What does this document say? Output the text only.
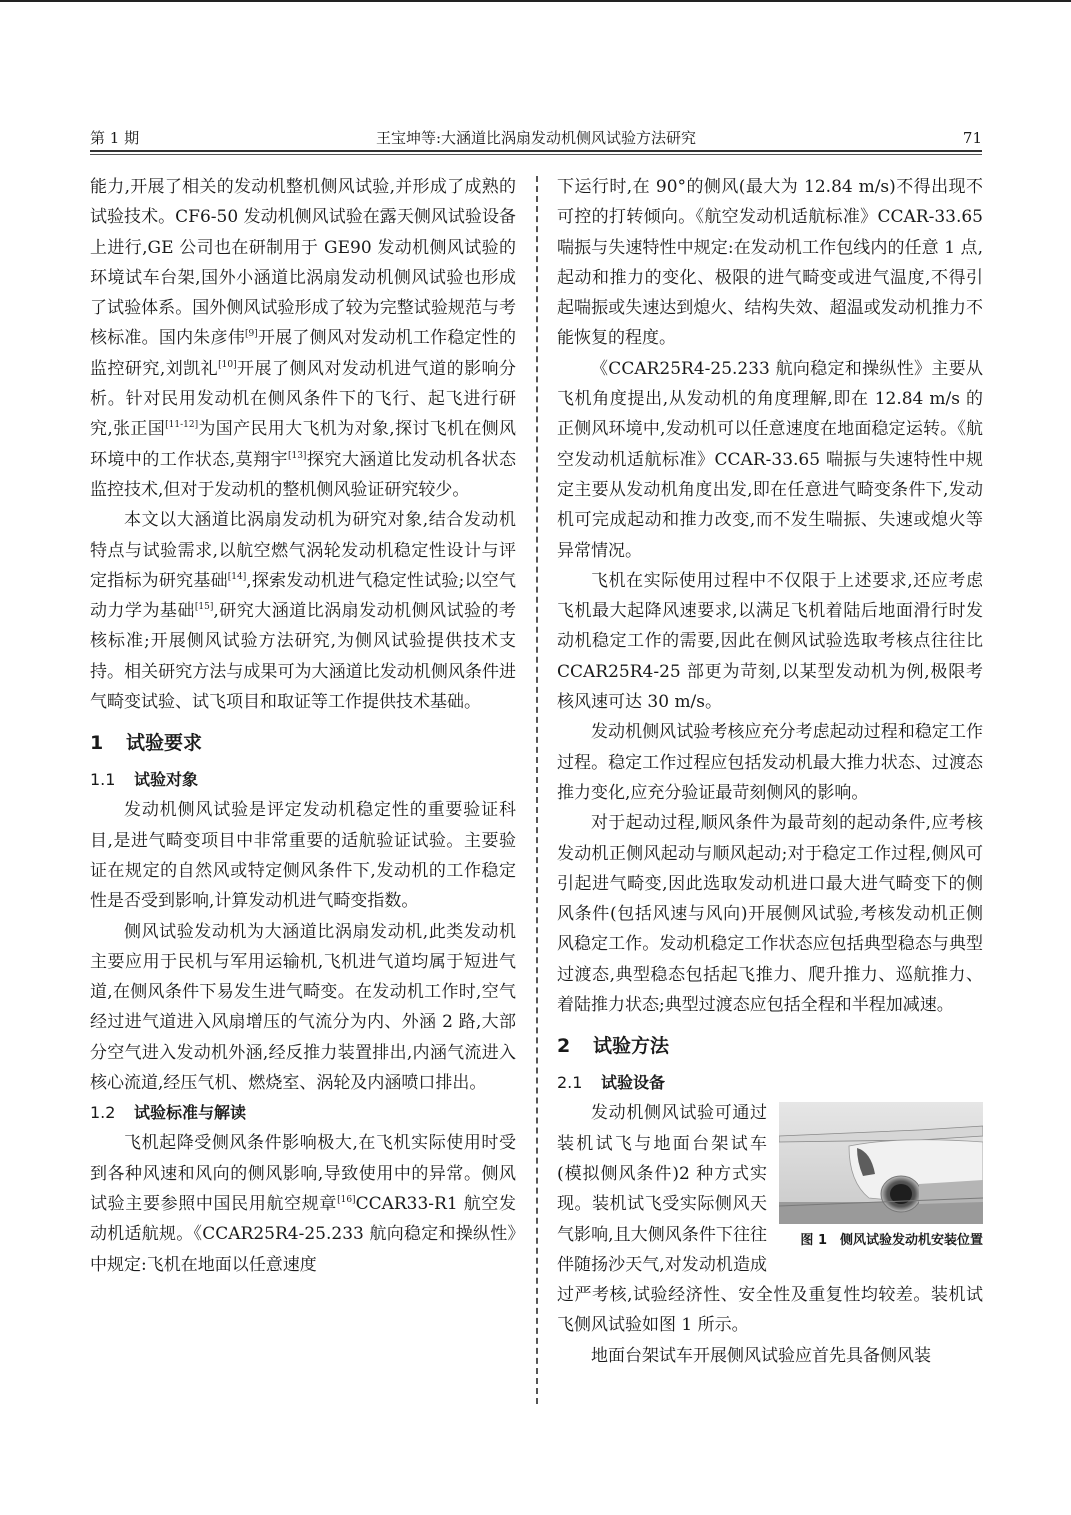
第 1 期	王宝坤等:大涵道比涡扇发动机侧风试验方法研究	71

能力,开展了相关的发动机整机侧风试验,并形成了成熟的试验技术。CF6-50 发动机侧风试验在露天侧风试验设备上进行,GE 公司也在研制用于 GE90 发动机侧风试验的环境试车台架,国外小涵道比涡扇发动机侧风试验也形成了试验体系。国外侧风试验形成了较为完整试验规范与考核标准。国内朱彦伟[9]开展了侧风对发动机工作稳定性的监控研究,刘凯礼[10]开展了侧风对发动机进气道的影响分析。针对民用发动机在侧风条件下的飞行、起飞进行研究,张正国[11-12]为国产民用大飞机为对象,探讨飞机在侧风环境中的工作状态,莫翔宇[13]探究大涵道比发动机各状态监控技术,但对于发动机的整机侧风验证研究较少。

本文以大涵道比涡扇发动机为研究对象,结合发动机特点与试验需求,以航空燃气涡轮发动机稳定性设计与评定指标为研究基础[14],探索发动机进气稳定性试验;以空气动力学为基础[15],研究大涵道比涡扇发动机侧风试验的考核标准;开展侧风试验方法研究,为侧风试验提供技术支持。相关研究方法与成果可为大涵道比发动机侧风条件进气畸变试验、试飞项目和取证等工作提供技术基础。

1 试验要求
1.1 试验对象

发动机侧风试验是评定发动机稳定性的重要验证科目,是进气畸变项目中非常重要的适航验证试验。主要验证在规定的自然风或特定侧风条件下,发动机的工作稳定性是否受到影响,计算发动机进气畸变指数。

侧风试验发动机为大涵道比涡扇发动机,此类发动机主要应用于民机与军用运输机,飞机进气道均属于短进气道,在侧风条件下易发生进气畸变。在发动机工作时,空气经过进气道进入风扇增压的气流分为内、外涵 2 路,大部分空气进入发动机外涵,经反推力装置排出,内涵气流进入核心流道,经压气机、燃烧室、涡轮及内涵喷口排出。

1.2 试验标准与解读

飞机起降受侧风条件影响极大,在飞机实际使用时受到各种风速和风向的侧风影响,导致使用中的异常。侧风试验主要参照中国民用航空规章[16]CCAR33-R1 航空发动机适航规。《CCAR25R4-25.233 航向稳定和操纵性》中规定:飞机在地面以任意速度

下运行时,在 90°的侧风(最大为 12.84 m/s)不得出现不可控的打转倾向。《航空发动机适航标准》CCAR-33.65 喘振与失速特性中规定:在发动机工作包线内的任意 1 点,起动和推力的变化、极限的进气畸变或进气温度,不得引起喘振或失速达到熄火、结构失效、超温或发动机推力不能恢复的程度。

《CCAR25R4-25.233 航向稳定和操纵性》主要从飞机角度提出,从发动机的角度理解,即在 12.84 m/s 的正侧风环境中,发动机可以任意速度在地面稳定运转。《航空发动机适航标准》CCAR-33.65 喘振与失速特性中规定主要从发动机角度出发,即在任意进气畸变条件下,发动机可完成起动和推力改变,而不发生喘振、失速或熄火等异常情况。

飞机在实际使用过程中不仅限于上述要求,还应考虑飞机最大起降风速要求,以满足飞机着陆后地面滑行时发动机稳定工作的需要,因此在侧风试验选取考核点往往比 CCAR25R4-25 部更为苛刻,以某型发动机为例,极限考核风速可达 30 m/s。

发动机侧风试验考核应充分考虑起动过程和稳定工作过程。稳定工作过程应包括发动机最大推力状态、过渡态推力变化,应充分验证最苛刻侧风的影响。

对于起动过程,顺风条件为最苛刻的起动条件,应考核发动机正侧风起动与顺风起动;对于稳定工作过程,侧风可引起进气畸变,因此选取发动机进口最大进气畸变下的侧风条件(包括风速与风向)开展侧风试验,考核发动机正侧风稳定工作。发动机稳定工作状态应包括典型稳态与典型过渡态,典型稳态包括起飞推力、爬升推力、巡航推力、着陆推力状态;典型过渡态应包括全程和半程加减速。

2 试验方法
2.1 试验设备
图 1　侧风试验发动机安装位置

发动机侧风试验可通过装机试飞与地面台架试车(模拟侧风条件)2 种方式实现。装机试飞受实际侧风天气影响,且大侧风条件下往往伴随扬沙天气,对发动机造成过严考核,试验经济性、安全性及重复性均较差。装机试飞侧风试验如图 1 所示。

地面台架试车开展侧风试验应首先具备侧风装
